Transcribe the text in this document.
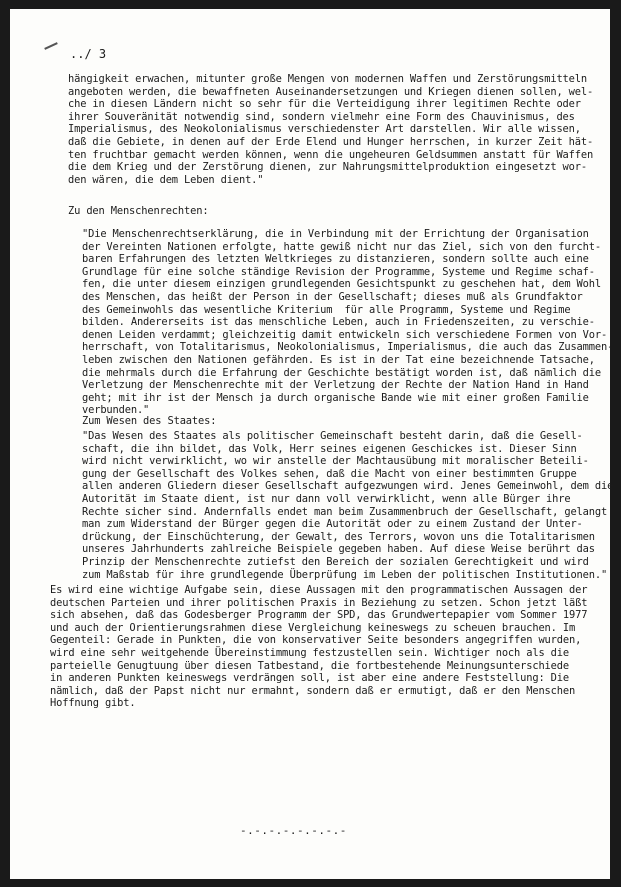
../ 3
hängigkeit erwachen, mitunter große Mengen von modernen Waffen und Zerstörungsmitteln
angeboten werden, die bewaffneten Auseinandersetzungen und Kriegen dienen sollen, wel-
che in diesen Ländern nicht so sehr für die Verteidigung ihrer legitimen Rechte oder
ihrer Souveränität notwendig sind, sondern vielmehr eine Form des Chauvinismus, des
Imperialismus, des Neokolonialismus verschiedenster Art darstellen. Wir alle wissen,
daß die Gebiete, in denen auf der Erde Elend und Hunger herrschen, in kurzer Zeit hät-
ten fruchtbar gemacht werden können, wenn die ungeheuren Geldsummen anstatt für Waffen
die dem Krieg und der Zerstörung dienen, zur Nahrungsmittelproduktion eingesetzt wor-
den wären, die dem Leben dient."
Zu den Menschenrechten:
"Die Menschenrechtserklärung, die in Verbindung mit der Errichtung der Organisation
der Vereinten Nationen erfolgte, hatte gewiß nicht nur das Ziel, sich von den furcht-
baren Erfahrungen des letzten Weltkrieges zu distanzieren, sondern sollte auch eine
Grundlage für eine solche ständige Revision der Programme, Systeme und Regime schaf-
fen, die unter diesem einzigen grundlegenden Gesichtspunkt zu geschehen hat, dem Wohl
des Menschen, das heißt der Person in der Gesellschaft; dieses muß als Grundfaktor
des Gemeinwohls das wesentliche Kriterium  für alle Programm, Systeme und Regime
bilden. Andererseits ist das menschliche Leben, auch in Friedenszeiten, zu verschie-
denen Leiden verdammt; gleichzeitig damit entwickeln sich verschiedene Formen von Vor-
herrschaft, von Totalitarismus, Neokolonialismus, Imperialismus, die auch das Zusammen-
leben zwischen den Nationen gefährden. Es ist in der Tat eine bezeichnende Tatsache,
die mehrmals durch die Erfahrung der Geschichte bestätigt worden ist, daß nämlich die
Verletzung der Menschenrechte mit der Verletzung der Rechte der Nation Hand in Hand
geht; mit ihr ist der Mensch ja durch organische Bande wie mit einer großen Familie
verbunden."
Zum Wesen des Staates:
"Das Wesen des Staates als politischer Gemeinschaft besteht darin, daß die Gesell-
schaft, die ihn bildet, das Volk, Herr seines eigenen Geschickes ist. Dieser Sinn
wird nicht verwirklicht, wo wir anstelle der Machtausübung mit moralischer Beteili-
gung der Gesellschaft des Volkes sehen, daß die Macht von einer bestimmten Gruppe
allen anderen Gliedern dieser Gesellschaft aufgezwungen wird. Jenes Gemeinwohl, dem die
Autorität im Staate dient, ist nur dann voll verwirklicht, wenn alle Bürger ihre
Rechte sicher sind. Andernfalls endet man beim Zusammenbruch der Gesellschaft, gelangt
man zum Widerstand der Bürger gegen die Autorität oder zu einem Zustand der Unter-
drückung, der Einschüchterung, der Gewalt, des Terrors, wovon uns die Totalitarismen
unseres Jahrhunderts zahlreiche Beispiele gegeben haben. Auf diese Weise berührt das
Prinzip der Menschenrechte zutiefst den Bereich der sozialen Gerechtigkeit und wird
zum Maßstab für ihre grundlegende Überprüfung im Leben der politischen Institutionen."
Es wird eine wichtige Aufgabe sein, diese Aussagen mit den programmatischen Aussagen der
deutschen Parteien und ihrer politischen Praxis in Beziehung zu setzen. Schon jetzt läßt
sich absehen, daß das Godesberger Programm der SPD, das Grundwertepapier vom Sommer 1977
und auch der Orientierungsrahmen diese Vergleichung keineswegs zu scheuen brauchen. Im
Gegenteil: Gerade in Punkten, die von konservativer Seite besonders angegriffen wurden,
wird eine sehr weitgehende Übereinstimmung festzustellen sein. Wichtiger noch als die
parteielle Genugtuung über diesen Tatbestand, die fortbestehende Meinungsunterschiede
in anderen Punkten keineswegs verdrängen soll, ist aber eine andere Feststellung: Die
nämlich, daß der Papst nicht nur ermahnt, sondern daß er ermutigt, daß er den Menschen
Hoffnung gibt.
-.-.-.-.-.-.-.-
